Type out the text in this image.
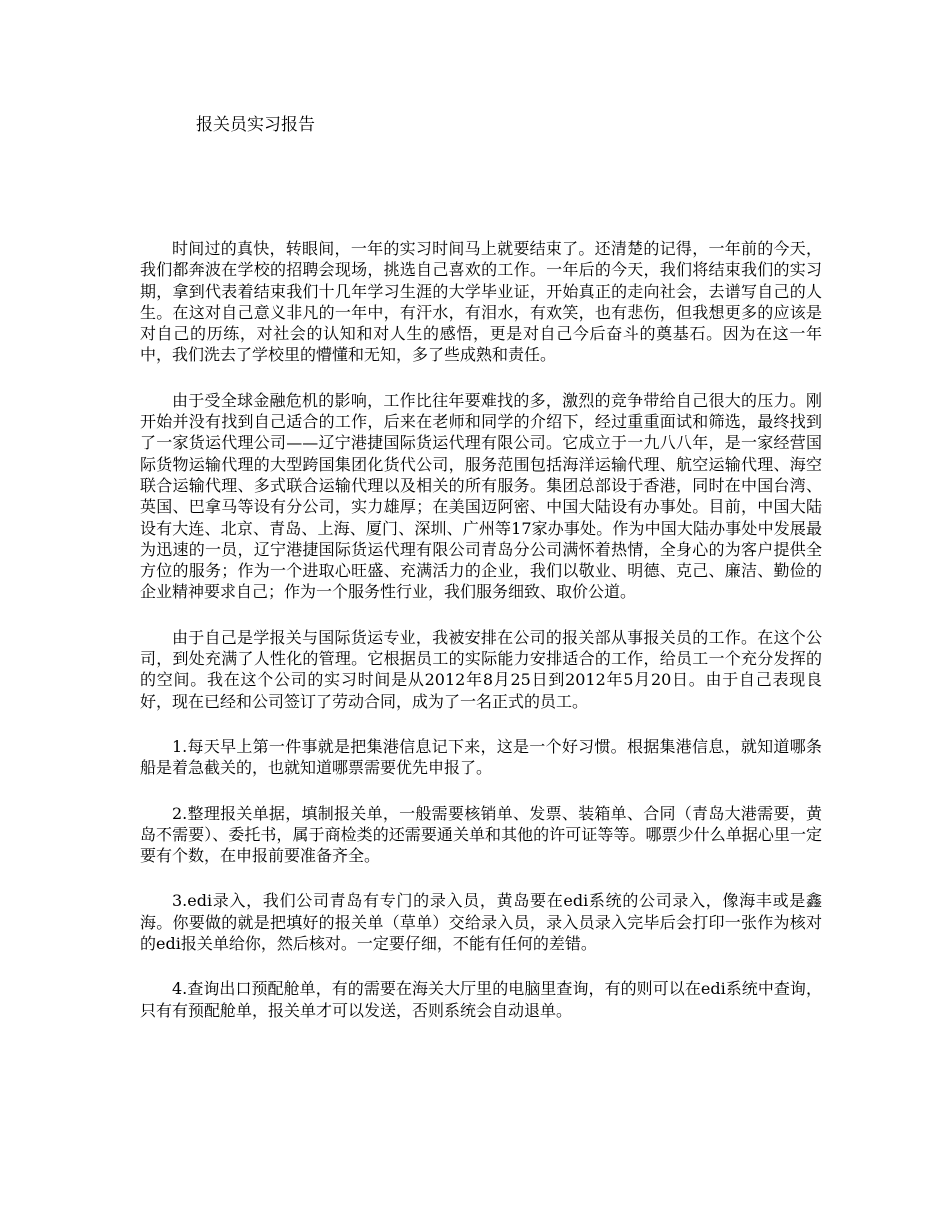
报关员实习报告

时间过的真快，转眼间，一年的实习时间马上就要结束了。还清楚的记得，一年前的今天，我们都奔波在学校的招聘会现场，挑选自己喜欢的工作。一年后的今天，我们将结束我们的实习期，拿到代表着结束我们十几年学习生涯的大学毕业证，开始真正的走向社会，去谱写自己的人生。在这对自己意义非凡的一年中，有汗水，有泪水，有欢笑，也有悲伤，但我想更多的应该是对自己的历练，对社会的认知和对人生的感悟，更是对自己今后奋斗的奠基石。因为在这一年中，我们洗去了学校里的懵懂和无知，多了些成熟和责任。

由于受全球金融危机的影响，工作比往年要难找的多，激烈的竞争带给自己很大的压力。刚开始并没有找到自己适合的工作，后来在老师和同学的介绍下，经过重重面试和筛选，最终找到了一家货运代理公司——辽宁港捷国际货运代理有限公司。它成立于一九八八年，是一家经营国际货物运输代理的大型跨国集团化货代公司，服务范围包括海洋运输代理、航空运输代理、海空联合运输代理、多式联合运输代理以及相关的所有服务。集团总部设于香港，同时在中国台湾、英国、巴拿马等设有分公司，实力雄厚；在美国迈阿密、中国大陆设有办事处。目前，中国大陆设有大连、北京、青岛、上海、厦门、深圳、广州等17家办事处。作为中国大陆办事处中发展最为迅速的一员，辽宁港捷国际货运代理有限公司青岛分公司满怀着热情，全身心的为客户提供全方位的服务；作为一个进取心旺盛、充满活力的企业，我们以敬业、明德、克己、廉洁、勤俭的企业精神要求自己；作为一个服务性行业，我们服务细致、取价公道。

由于自己是学报关与国际货运专业，我被安排在公司的报关部从事报关员的工作。在这个公司，到处充满了人性化的管理。它根据员工的实际能力安排适合的工作，给员工一个充分发挥的的空间。我在这个公司的实习时间是从2012年8月25日到2012年5月20日。由于自己表现良好，现在已经和公司签订了劳动合同，成为了一名正式的员工。

1.每天早上第一件事就是把集港信息记下来，这是一个好习惯。根据集港信息，就知道哪条船是着急截关的，也就知道哪票需要优先申报了。

2.整理报关单据，填制报关单，一般需要核销单、发票、装箱单、合同（青岛大港需要，黄岛不需要）、委托书，属于商检类的还需要通关单和其他的许可证等等。哪票少什么单据心里一定要有个数，在申报前要准备齐全。

3.edi录入，我们公司青岛有专门的录入员，黄岛要在edi系统的公司录入，像海丰或是鑫海。你要做的就是把填好的报关单（草单）交给录入员，录入员录入完毕后会打印一张作为核对的edi报关单给你，然后核对。一定要仔细，不能有任何的差错。

4.查询出口预配舱单，有的需要在海关大厅里的电脑里查询，有的则可以在edi系统中查询，只有有预配舱单，报关单才可以发送，否则系统会自动退单。
